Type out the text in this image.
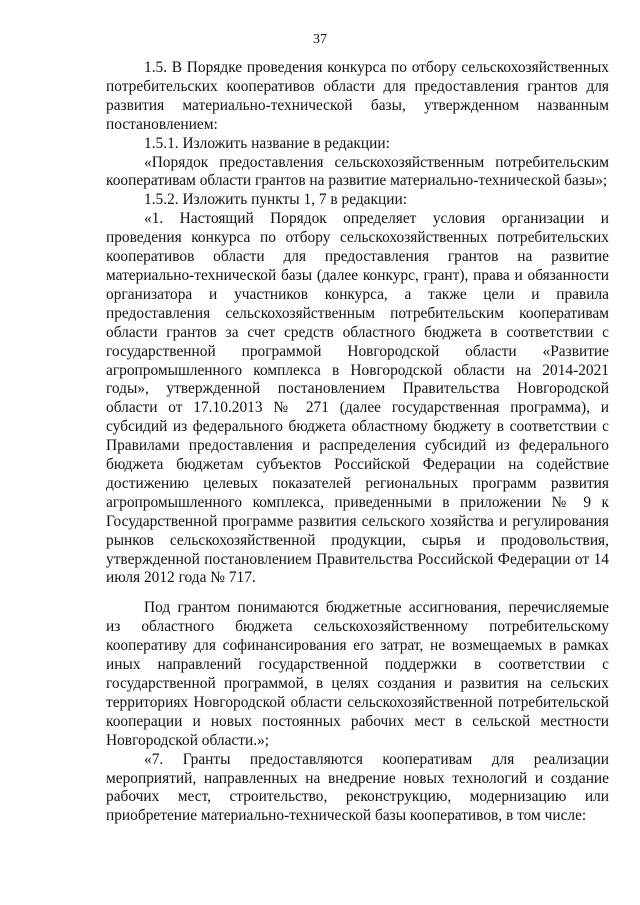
37

1.5. В Порядке проведения конкурса по отбору сельскохозяйственных потребительских кооперативов области для предоставления грантов для развития материально-технической базы, утвержденном названным постановлением:

1.5.1. Изложить название в редакции:

«Порядок предоставления сельскохозяйственным потребительским кооперативам области грантов на развитие материально-технической базы»;

1.5.2. Изложить пункты 1, 7 в редакции:

«1. Настоящий Порядок определяет условия организации и проведения конкурса по отбору сельскохозяйственных потребительских кооперативов области для предоставления грантов на развитие материально-технической базы (далее конкурс, грант), права и обязанности организатора и участников конкурса, а также цели и правила предоставления сельскохозяйственным потребительским кооперативам области грантов за счет средств областного бюджета в соответствии с государственной программой Новгородской области «Развитие агропромышленного комплекса в Новгородской области на 2014-2021 годы», утвержденной постановлением Правительства Новгородской области от 17.10.2013 № 271 (далее государственная программа), и субсидий из федерального бюджета областному бюджету в соответствии с Правилами предоставления и распределения субсидий из федерального бюджета бюджетам субъектов Российской Федерации на содействие достижению целевых показателей региональных программ развития агропромышленного комплекса, приведенными в приложении № 9 к Государственной программе развития сельского хозяйства и регулирования рынков сельскохозяйственной продукции, сырья и продовольствия, утвержденной постановлением Правительства Российской Федерации от 14 июля 2012 года № 717.

Под грантом понимаются бюджетные ассигнования, перечисляемые из областного бюджета сельскохозяйственному потребительскому кооперативу для софинансирования его затрат, не возмещаемых в рамках иных направлений государственной поддержки в соответствии с государственной программой, в целях создания и развития на сельских территориях Новгородской области сельскохозяйственной потребительской кооперации и новых постоянных рабочих мест в сельской местности Новгородской области.»;

«7. Гранты предоставляются кооперативам для реализации мероприятий, направленных на внедрение новых технологий и создание рабочих мест, строительство, реконструкцию, модернизацию или приобретение материально-технической базы кооперативов, в том числе:
